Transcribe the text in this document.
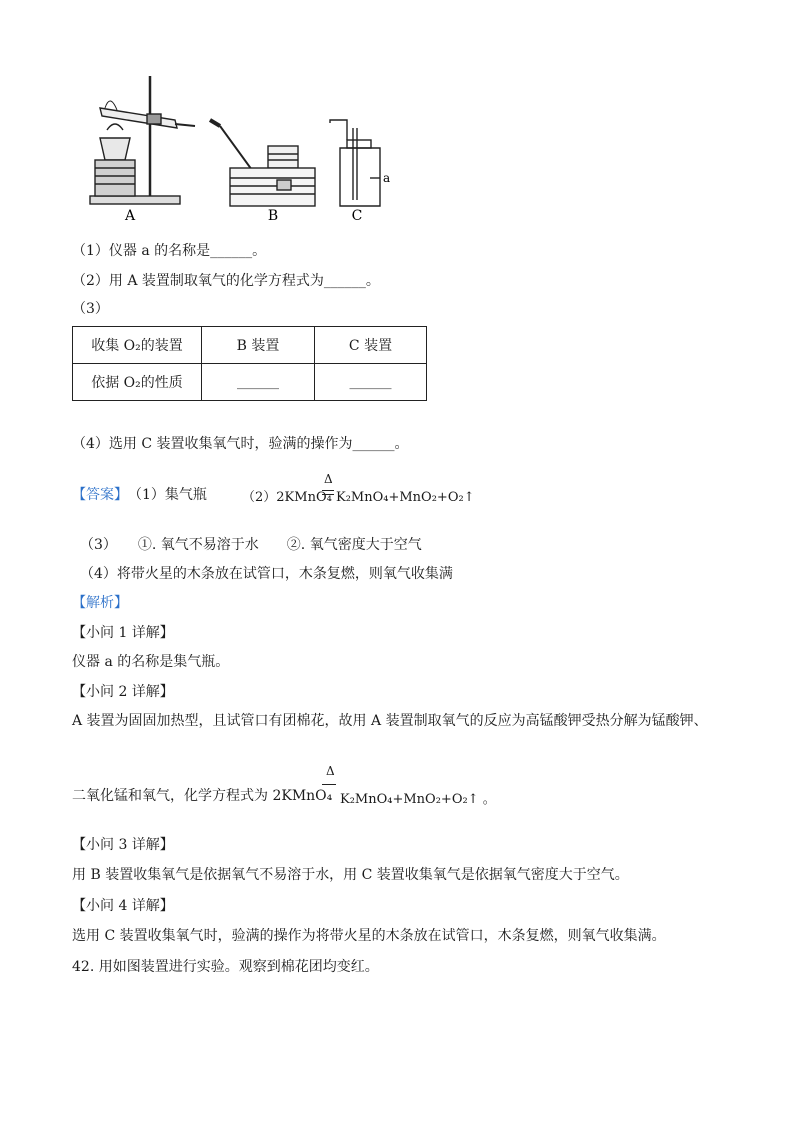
A	B	C
a
（1）仪器 a 的名称是______。
（2）用 A 装置制取氧气的化学方程式为______。
（3）
收集 O₂的装置	B 装置	C 装置
依据 O₂的性质	______	______
（4）选用 C 装置收集氧气时，验满的操作为______。
【答案】 （1）集气瓶	（2）2KMnO₄
Δ
K₂MnO₄+MnO₂+O₂↑
（3）　　①. 氧气不易溶于水　　②. 氧气密度大于空气
（4）将带火星的木条放在试管口，木条复燃，则氧气收集满
【解析】
【小问 1 详解】
仪器 a 的名称是集气瓶。
【小问 2 详解】
A 装置为固固加热型，且试管口有团棉花，故用 A 装置制取氧气的反应为高锰酸钾受热分解为锰酸钾、
二氧化锰和氧气，化学方程式为 2KMnO₄
Δ
K₂MnO₄+MnO₂+O₂↑ 。
【小问 3 详解】
用 B 装置收集氧气是依据氧气不易溶于水，用 C 装置收集氧气是依据氧气密度大于空气。
【小问 4 详解】
选用 C 装置收集氧气时，验满的操作为将带火星的木条放在试管口，木条复燃，则氧气收集满。
42. 用如图装置进行实验。观察到棉花团均变红。
